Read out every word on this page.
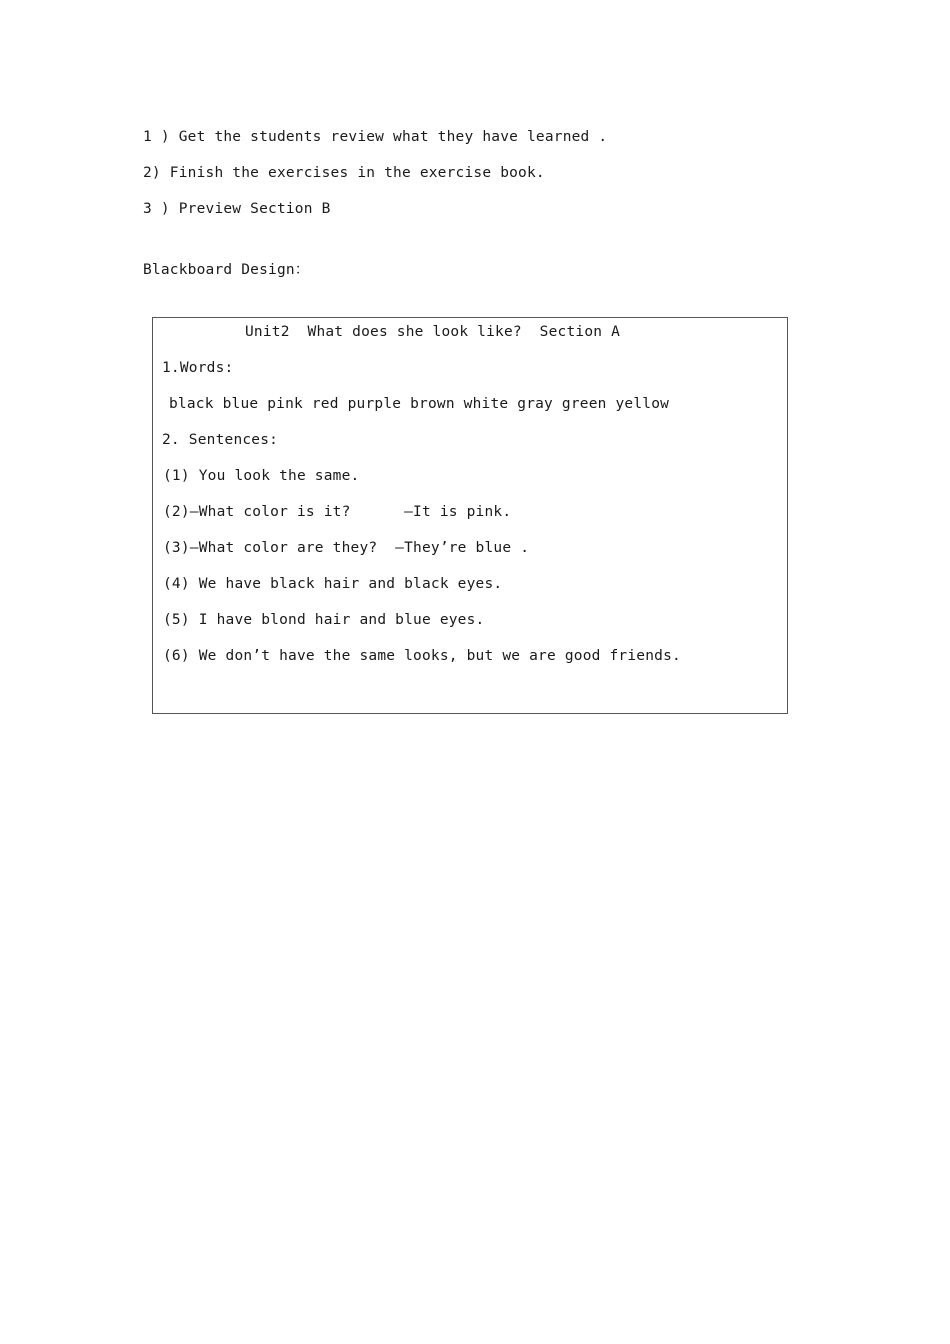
1 ) Get the students review what they have learned .
2) Finish the exercises in the exercise book.
3 ) Preview Section B
Blackboard Design：
Unit2  What does she look like?  Section A
1.Words:
black blue pink red purple brown white gray green yellow
2. Sentences:
(1) You look the same.
(2)—What color is it?      —It is pink.
(3)—What color are they?  —They’re blue .
(4) We have black hair and black eyes.
(5) I have blond hair and blue eyes.
(6) We don’t have the same looks, but we are good friends.
